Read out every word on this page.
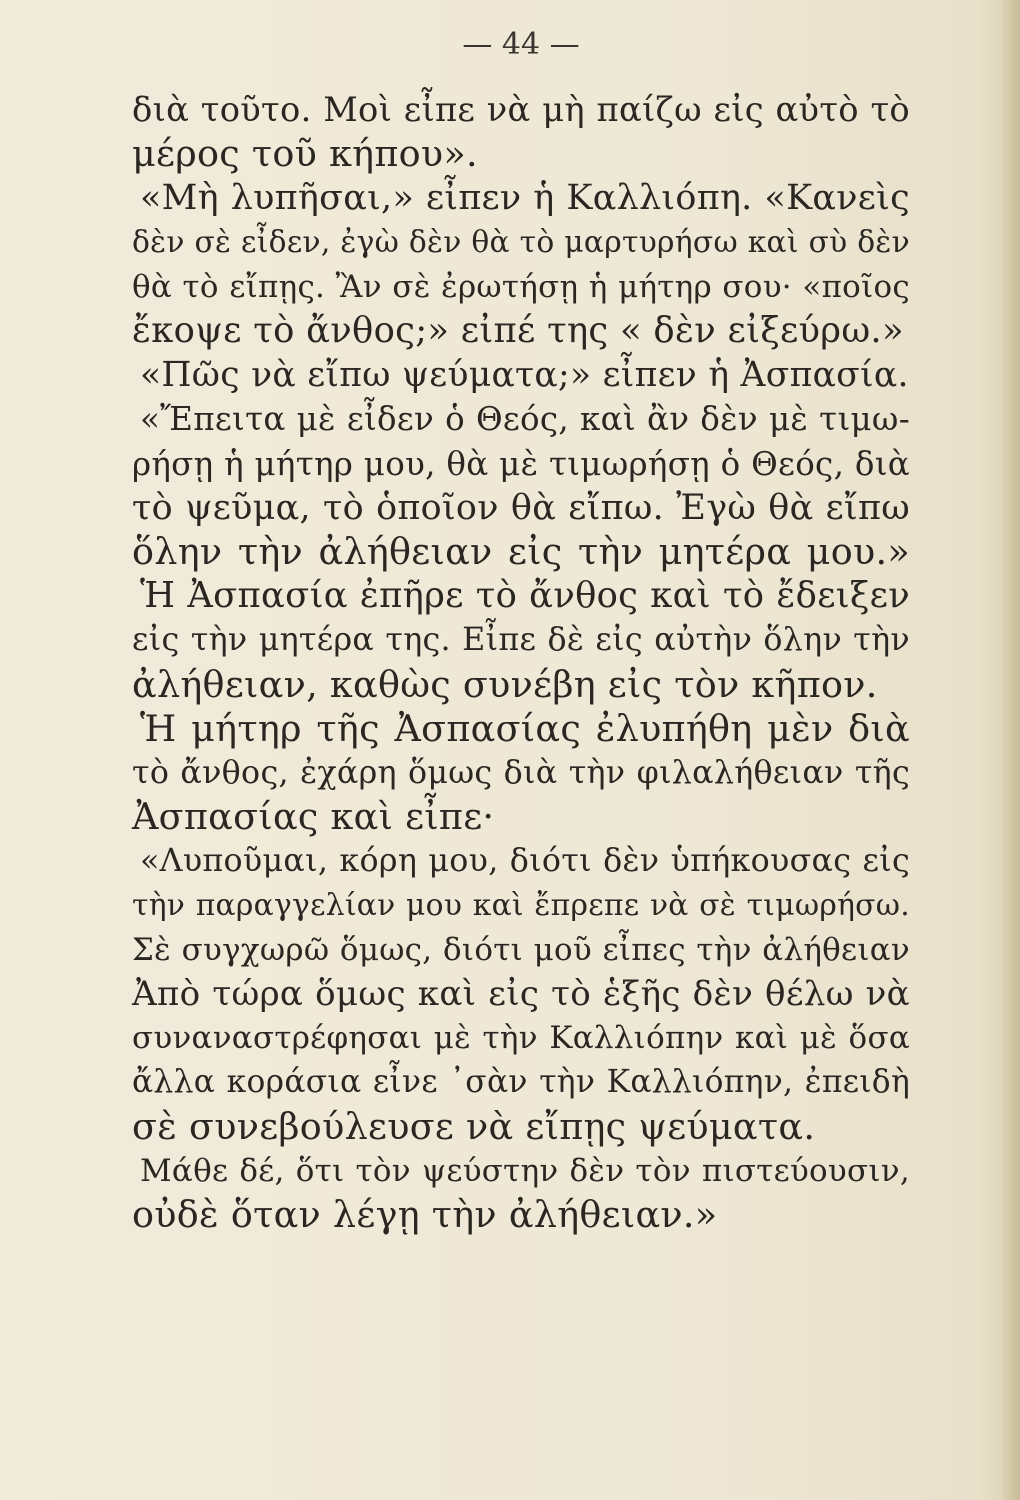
— 44 —
διὰ τοῦτο. Μοὶ εἶπε νὰ μὴ παίζω εἰς αὐτὸ τὸ
μέρος τοῦ κήπου».
«Μὴ λυπῆσαι,» εἶπεν ἡ Καλλιόπη. «Κανεὶς
δὲν σὲ εἶδεν, ἐγὼ δὲν θὰ τὸ μαρτυρήσω καὶ σὺ δὲν
θὰ τὸ εἴπῃς. Ἂν σὲ ἐρωτήσῃ ἡ μήτηρ σου· «ποῖος
ἔκοψε τὸ ἄνθος;» εἰπέ της « δὲν εἰξεύρω.»
«Πῶς νὰ εἴπω ψεύματα;» εἶπεν ἡ Ἀσπασία.
«Ἔπειτα μὲ εἶδεν ὁ Θεός, καὶ ἂν δὲν μὲ τιμω-
ρήσῃ ἡ μήτηρ μου, θὰ μὲ τιμωρήσῃ ὁ Θεός, διὰ
τὸ ψεῦμα, τὸ ὁποῖον θὰ εἴπω. Ἐγὼ θὰ εἴπω
ὅλην τὴν ἀλήθειαν εἰς τὴν μητέρα μου.»
Ἡ Ἀσπασία ἐπῆρε τὸ ἄνθος καὶ τὸ ἔδειξεν
εἰς τὴν μητέρα της. Εἶπε δὲ εἰς αὐτὴν ὅλην τὴν
ἀλήθειαν, καθὼς συνέβη εἰς τὸν κῆπον.
Ἡ μήτηρ τῆς Ἀσπασίας ἐλυπήθη μὲν διὰ
τὸ ἄνθος, ἐχάρη ὅμως διὰ τὴν φιλαλήθειαν τῆς
Ἀσπασίας καὶ εἶπε·
«Λυποῦμαι, κόρη μου, διότι δὲν ὑπήκουσας εἰς
τὴν παραγγελίαν μου καὶ ἔπρεπε νὰ σὲ τιμωρήσω.
Σὲ συγχωρῶ ὅμως, διότι μοῦ εἶπες τὴν ἀλήθειαν
Ἀπὸ τώρα ὅμως καὶ εἰς τὸ ἑξῆς δὲν θέλω νὰ
συναναστρέφησαι μὲ τὴν Καλλιόπην καὶ μὲ ὅσα
ἄλλα κοράσια εἶνε ᾽σὰν τὴν Καλλιόπην, ἐπειδὴ
σὲ συνεβούλευσε νὰ εἴπῃς ψεύματα.
Μάθε δέ, ὅτι τὸν ψεύστην δὲν τὸν πιστεύουσιν,
οὐδὲ ὅταν λέγῃ τὴν ἀλήθειαν.»
